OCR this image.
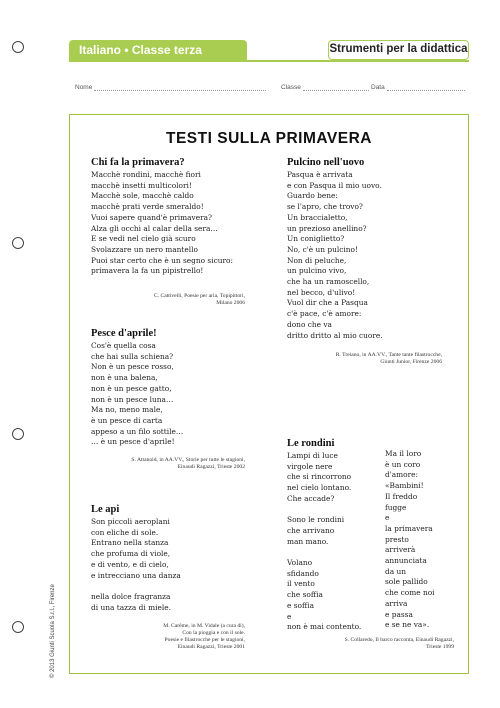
Italiano • Classe terza	Strumenti per la didattica
Nome	Classe	Data
TESTI SULLA PRIMAVERA
Chi fa la primavera?
Macchè rondini, macchè fiori
macchè insetti multicolori!
Macchè sole, macchè caldo
macchè prati verde smeraldo!
Vuoi sapere quand'è primavera?
Alza gli occhi al calar della sera…
E se vedi nel cielo già scuro
Svolazzare un nero mantello
Puoi star certo che è un segno sicuro:
primavera la fa un pipistrello!
C. Cattivelli, Poesie per aria, Topipittori,
Milano 2006
Pesce d'aprile!
Cos'è quella cosa
che hai sulla schiena?
Non è un pesce rosso,
non è una balena,
non è un pesce gatto,
non è un pesce luna…
Ma no, meno male,
è un pesce di carta
appeso a un filo sottile…
… è un pesce d'aprile!
S. Attanold, in AA.VV., Storie per tutte le stagioni,
Einaudi Ragazzi, Trieste 2002
Le api
Son piccoli aeroplani
con eliche di sole.
Entrano nella stanza
che profuma di viole,
e di vento, e di cielo,
e intrecciano una danza
nella dolce fragranza
di una tazza di miele.
M. Carême, in M. Vidale (a cura di),
Con la pioggia e con il sole.
Poesie e filastrocche per le stagioni,
Einaudi Ragazzi, Trieste 2001
Pulcino nell'uovo
Pasqua è arrivata
e con Pasqua il mio uovo.
Guardo bene:
se l'apro, che trovo?
Un braccialetto,
un prezioso anellino?
Un coniglietto?
No, c'è un pulcino!
Non di peluche,
un pulcino vivo,
che ha un ramoscello,
nel becco, d'ulivo!
Vuol dir che a Pasqua
c'è pace, c'è amore:
dono che va
dritto dritto al mio cuore.
R. Treiano, in AA.VV., Tante tante filastrocche,
Giunti Junior, Firenze 2006
Le rondini
Lampi di luce
virgole nere
che si rincorrono
nel cielo lontano.
Che accade?
Sono le rondini
che arrivano
man mano.
Volano
sfidando
il vento
che soffia
e soffia
e
non è mai contento.
Ma il loro
è un coro
d'amore:
«Bambini!
Il freddo
fugge
e
la primavera
presto
arriverà
annunciata
da un
sole pallido
che come noi
arriva
e passa
e se ne va».
S. Collaredo, Il barco racconta, Einaudi Ragazzi,
Trieste 1999
© 2013 Giunti Scuola S.r.l., Firenze
